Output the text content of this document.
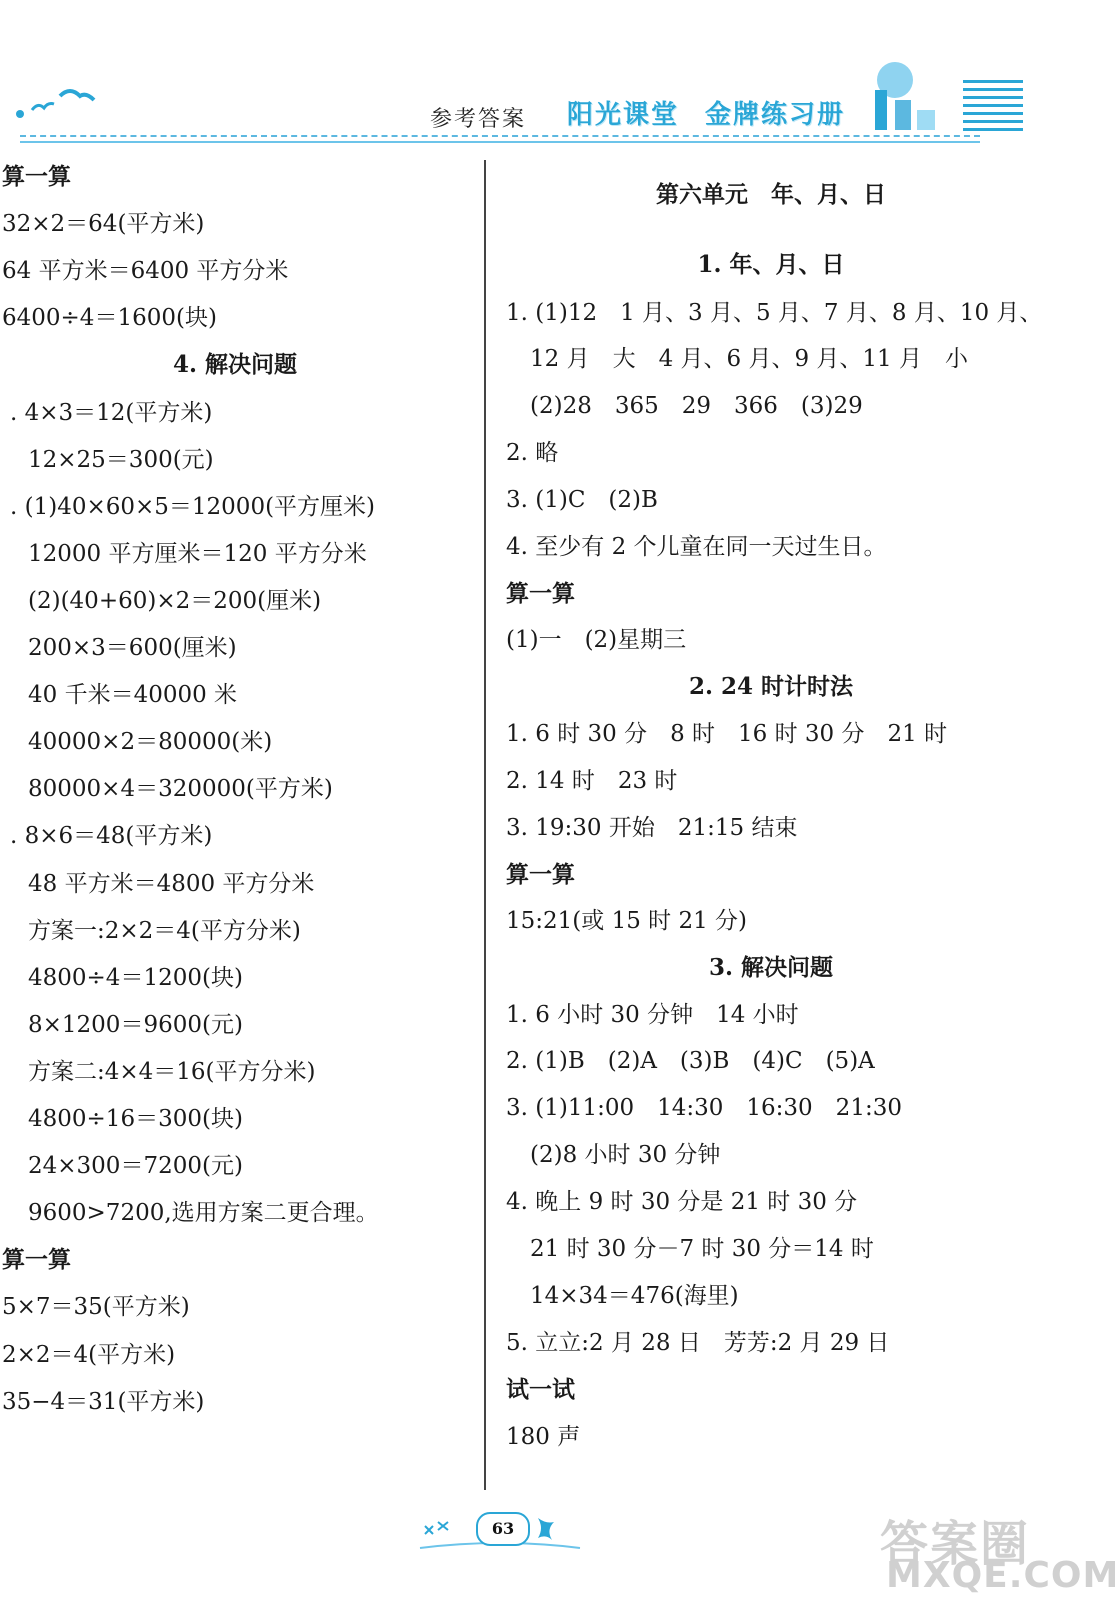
参考答案 阳光课堂 金牌练习册
算一算
32×2＝64(平方米)
64 平方米＝6400 平方分米
6400÷4＝1600(块)
4. 解决问题
. 4×3＝12(平方米)
12×25＝300(元)
. (1)40×60×5＝12000(平方厘米)
12000 平方厘米＝120 平方分米
(2)(40+60)×2＝200(厘米)
200×3＝600(厘米)
40 千米＝40000 米
40000×2＝80000(米)
80000×4＝320000(平方米)
. 8×6＝48(平方米)
48 平方米＝4800 平方分米
方案一:2×2＝4(平方分米)
4800÷4＝1200(块)
8×1200＝9600(元)
方案二:4×4＝16(平方分米)
4800÷16＝300(块)
24×300＝7200(元)
9600>7200,选用方案二更合理。
算一算
5×7＝35(平方米)
2×2＝4(平方米)
35−4＝31(平方米)
第六单元　年、月、日
1. 年、月、日
1. (1)12　1 月、3 月、5 月、7 月、8 月、10 月、
12 月　大　4 月、6 月、9 月、11 月　小
(2)28　365　29　366　(3)29
2. 略
3. (1)C　(2)B
4. 至少有 2 个儿童在同一天过生日。
算一算
(1)一　(2)星期三
2. 24 时计时法
1. 6 时 30 分　8 时　16 时 30 分　21 时
2. 14 时　23 时
3. 19:30 开始　21:15 结束
算一算
15:21(或 15 时 21 分)
3. 解决问题
1. 6 小时 30 分钟　14 小时
2. (1)B　(2)A　(3)B　(4)C　(5)A
3. (1)11:00　14:30　16:30　21:30
(2)8 小时 30 分钟
4. 晚上 9 时 30 分是 21 时 30 分
21 时 30 分－7 时 30 分＝14 时
14×34＝476(海里)
5. 立立:2 月 28 日　芳芳:2 月 29 日
试一试
180 声
63	答案圈
MXQE.COM
